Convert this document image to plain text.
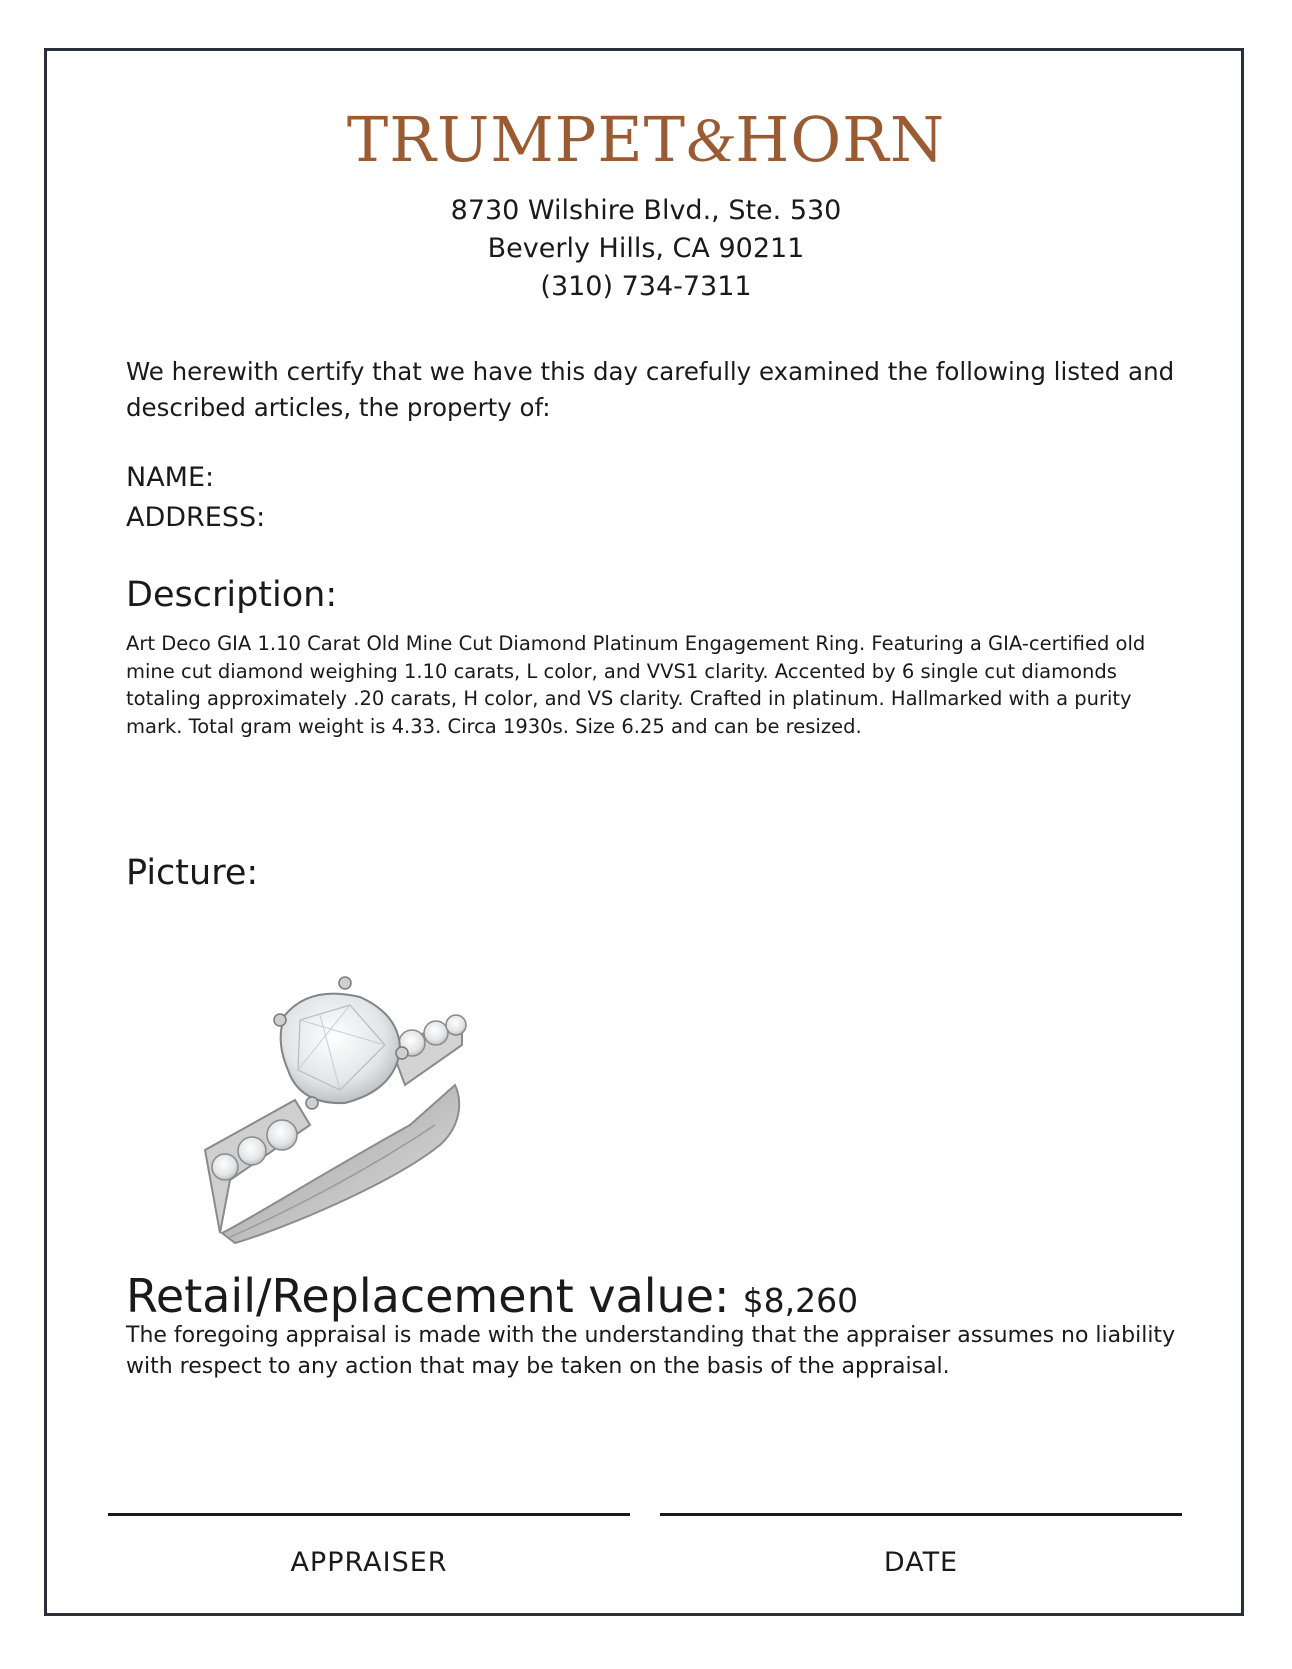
TRUMPET&HORN
8730 Wilshire Blvd., Ste. 530
Beverly Hills, CA 90211
(310) 734-7311
We herewith certify that we have this day carefully examined the following listed and described articles, the property of:
NAME:
ADDRESS:
Description:
Art Deco GIA 1.10 Carat Old Mine Cut Diamond Platinum Engagement Ring. Featuring a GIA-certified old mine cut diamond weighing 1.10 carats, L color, and VVS1 clarity. Accented by 6 single cut diamonds totaling approximately .20 carats, H color, and VS clarity. Crafted in platinum. Hallmarked with a purity mark. Total gram weight is 4.33. Circa 1930s. Size 6.25 and can be resized.
Picture:
Retail/Replacement value: $8,260
The foregoing appraisal is made with the understanding that the appraiser assumes no liability with respect to any action that may be taken on the basis of the appraisal.
APPRAISER	DATE
